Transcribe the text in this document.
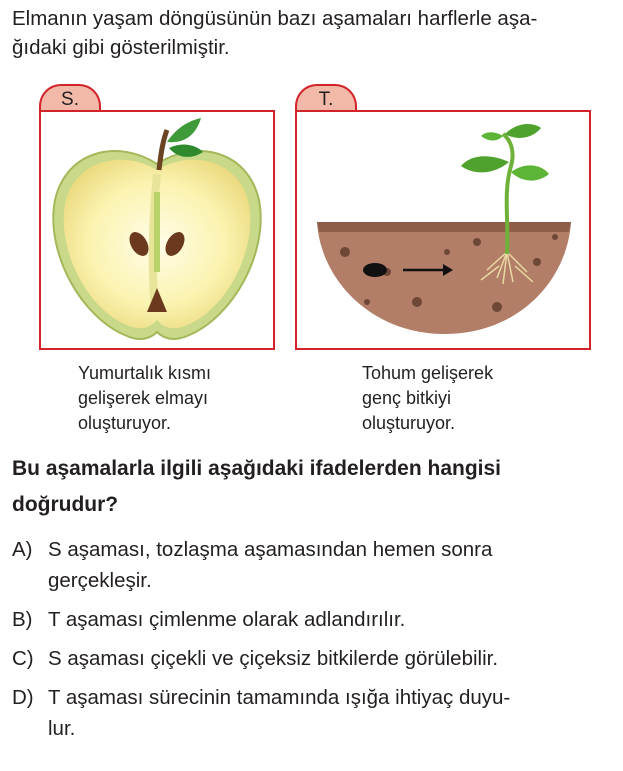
Elmanın yaşam döngüsünün bazı aşamaları harflerle aşa-
ğıdaki gibi gösterilmiştir.

S.	T.

Yumurtalık kısmı
gelişerek elmayı
oluşturuyor.

Tohum gelişerek
genç bitkiyi
oluşturuyor.

Bu aşamalarla ilgili aşağıdaki ifadelerden hangisi
doğrudur?

A) S aşaması, tozlaşma aşamasından hemen sonra
gerçekleşir.
B) T aşaması çimlenme olarak adlandırılır.
C) S aşaması çiçekli ve çiçeksiz bitkilerde görülebilir.
D) T aşaması sürecinin tamamında ışığa ihtiyaç duyu-
lur.
